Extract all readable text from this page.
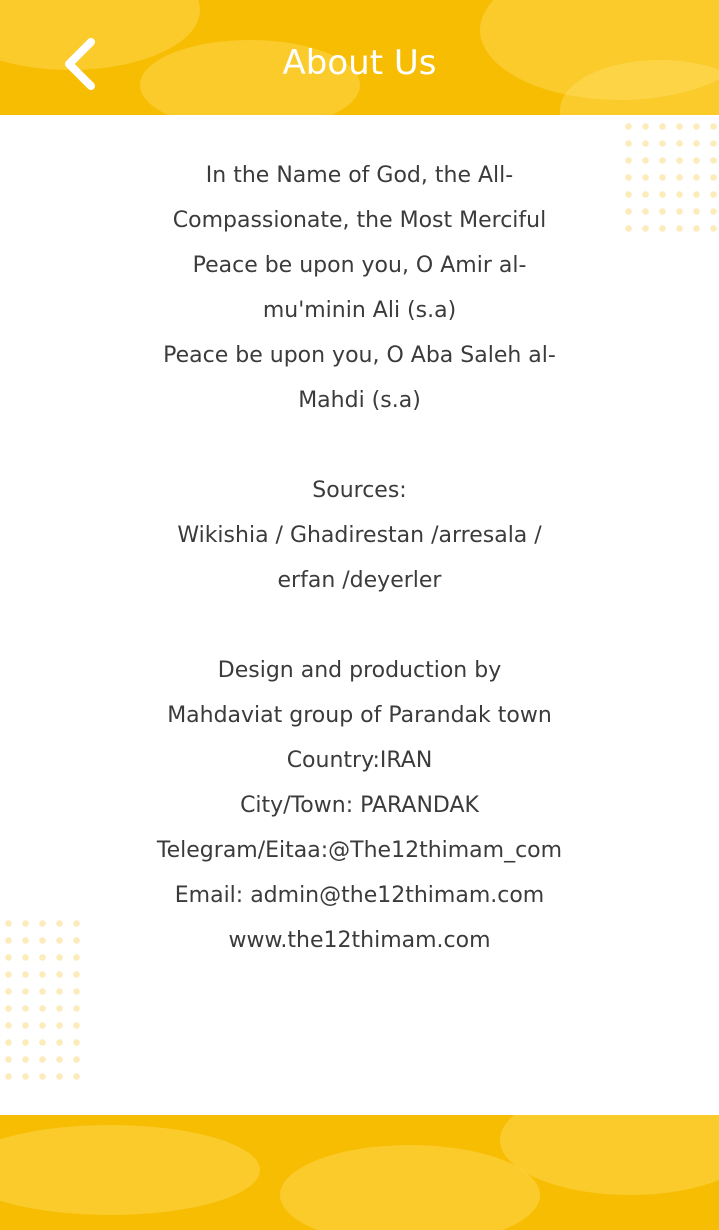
About Us
In the Name of God, the All-
Compassionate, the Most Merciful
Peace be upon you, O Amir al-
mu'minin Ali (s.a)
Peace be upon you, O Aba Saleh al-
Mahdi (s.a)
Sources:
Wikishia / Ghadirestan /arresala /
erfan /deyerler
Design and production by
Mahdaviat group of Parandak town
Country:IRAN
City/Town: PARANDAK
Telegram/Eitaa:@The12thimam_com
Email: admin@the12thimam.com
www.the12thimam.com
